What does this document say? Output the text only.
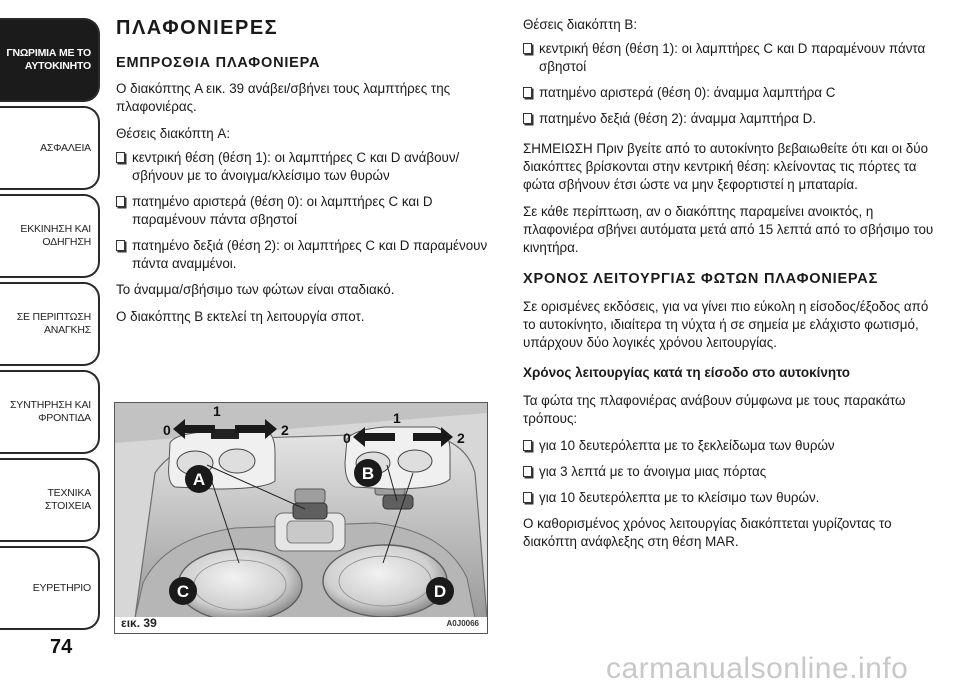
ΓΝΩΡΙΜΙΑ ΜΕ ΤΟ
ΑΥΤΟΚΙΝΗΤΟ
ΑΣΦΑΛΕΙΑ
ΕΚΚΙΝΗΣΗ ΚΑΙ
ΟΔΗΓΗΣΗ
ΣΕ ΠΕΡΙΠΤΩΣΗ
ΑΝΑΓΚΗΣ
ΣΥΝΤΗΡΗΣΗ ΚΑΙ
ΦΡΟΝΤΙΔΑ
ΤΕΧΝΙΚΑ ΣΤΟΙΧΕΙΑ
ΕΥΡΕΤΗΡΙΟ
74
ΠΛΑΦΟΝΙΕΡΕΣ
ΕΜΠΡΟΣΘΙΑ ΠΛΑΦΟΝΙΕΡΑ

Ο διακόπτης A εικ. 39 ανάβει/σβήνει τους λαμπτήρες της πλαφονιέρας.

Θέσεις διακόπτη A:

κεντρική θέση (θέση 1): οι λαμπτήρες C και D ανάβουν/σβήνουν με το άνοιγμα/κλείσιμο των θυρών
πατημένο αριστερά (θέση 0): οι λαμπτήρες C και D παραμένουν πάντα σβηστοί
πατημένο δεξιά (θέση 2): οι λαμπτήρες C και D παραμένουν πάντα αναμμένοι.

Το άναμμα/σβήσιμο των φώτων είναι σταδιακό.

Ο διακόπτης B εκτελεί τη λειτουργία σποτ.

1
0	2
1
0	2
A	B
C	D
εικ. 39	A0J0066

Θέσεις διακόπτη B:

κεντρική θέση (θέση 1): οι λαμπτήρες C και D παραμένουν πάντα σβηστοί
πατημένο αριστερά (θέση 0): άναμμα λαμπτήρα C
πατημένο δεξιά (θέση 2): άναμμα λαμπτήρα D.

ΣΗΜΕΙΩΣΗ Πριν βγείτε από το αυτοκίνητο βεβαιωθείτε ότι και οι δύο διακόπτες βρίσκονται στην κεντρική θέση: κλείνοντας τις πόρτες τα φώτα σβήνουν έτσι ώστε να μην ξεφορτιστεί η μπαταρία.

Σε κάθε περίπτωση, αν ο διακόπτης παραμείνει ανοικτός, η πλαφονιέρα σβήνει αυτόματα μετά από 15 λεπτά από το σβήσιμο του κινητήρα.

ΧΡΟΝΟΣ ΛΕΙΤΟΥΡΓΙΑΣ ΦΩΤΩΝ ΠΛΑΦΟΝΙΕΡΑΣ

Σε ορισμένες εκδόσεις, για να γίνει πιο εύκολη η είσοδος/έξοδος από το αυτοκίνητο, ιδιαίτερα τη νύχτα ή σε σημεία με ελάχιστο φωτισμό, υπάρχουν δύο λογικές χρόνου λειτουργίας.

Χρόνος λειτουργίας κατά τη είσοδο στο αυτοκίνητο

Τα φώτα της πλαφονιέρας ανάβουν σύμφωνα με τους παρακάτω τρόπους:

για 10 δευτερόλεπτα με το ξεκλείδωμα των θυρών
για 3 λεπτά με το άνοιγμα μιας πόρτας
για 10 δευτερόλεπτα με το κλείσιμο των θυρών.

Ο καθορισμένος χρόνος λειτουργίας διακόπτεται γυρίζοντας το διακόπτη ανάφλεξης στη θέση MAR.

carmanualsonline.info
